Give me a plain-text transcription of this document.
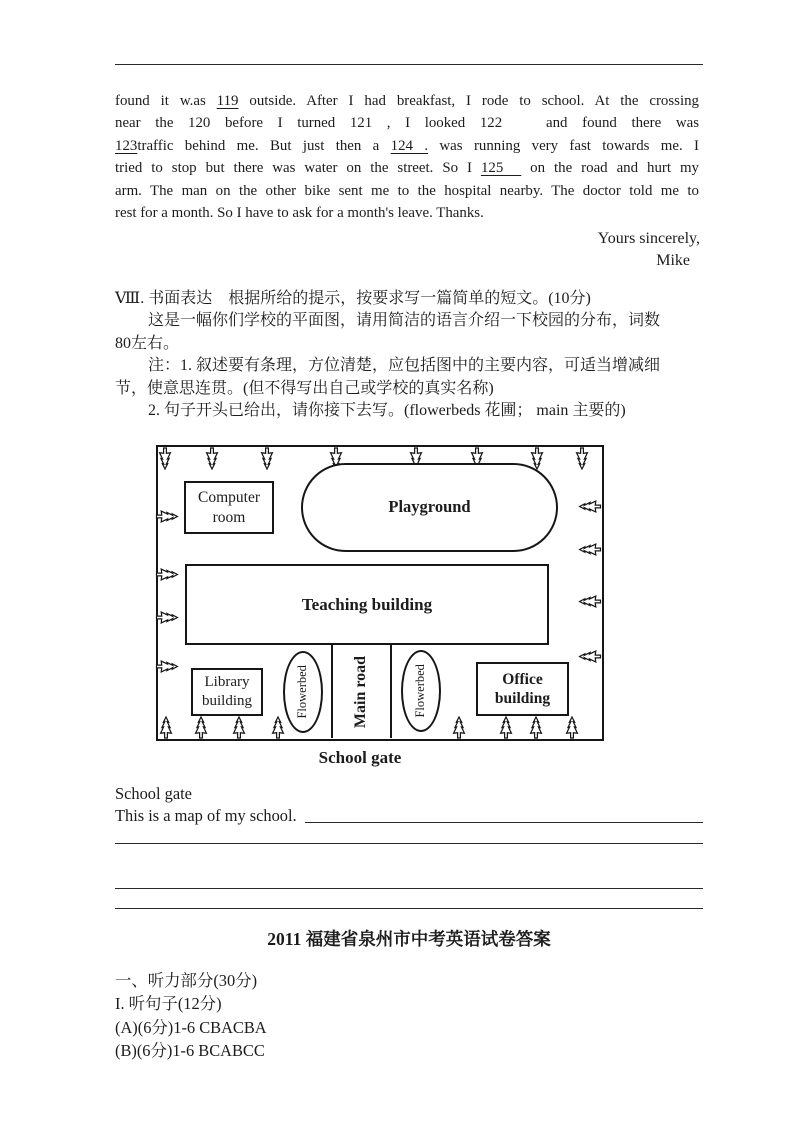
found it w.as 119 outside. After I had breakfast, I rode to school. At the crossing
near the 120 before I turned 121 , I looked 122   and found there was
123traffic behind me. But just then a 124 . was running very fast towards me. I
tried to stop but there was water on the street. So I 125   on the road and hurt my
arm. The man on the other bike sent me to the hospital nearby. The doctor told me to
rest for a month. So I have to ask for a month's leave. Thanks.
Yours sincerely,
Mike
Ⅷ. 书面表达　根据所给的提示，按要求写一篇简单的短文。(10分)
这是一幅你们学校的平面图，请用简洁的语言介绍一下校园的分布，词数
80左右。
注：1. 叙述要有条理，方位清楚，应包括图中的主要内容，可适当增减细
节，使意思连贯。(但不得写出自己或学校的真实名称)
2. 句子开头已给出，请你接下去写。(flowerbeds 花圃； main 主要的)
Computer room
Playground
Teaching building
Library building	Flowerbed	Main road	Flowerbed	Office building
School gate
School gate
This is a map of my school.
2011 福建省泉州市中考英语试卷答案
一、听力部分(30分)
I. 听句子(12分)
(A)(6分)1-6 CBACBA
(B)(6分)1-6 BCABCC
